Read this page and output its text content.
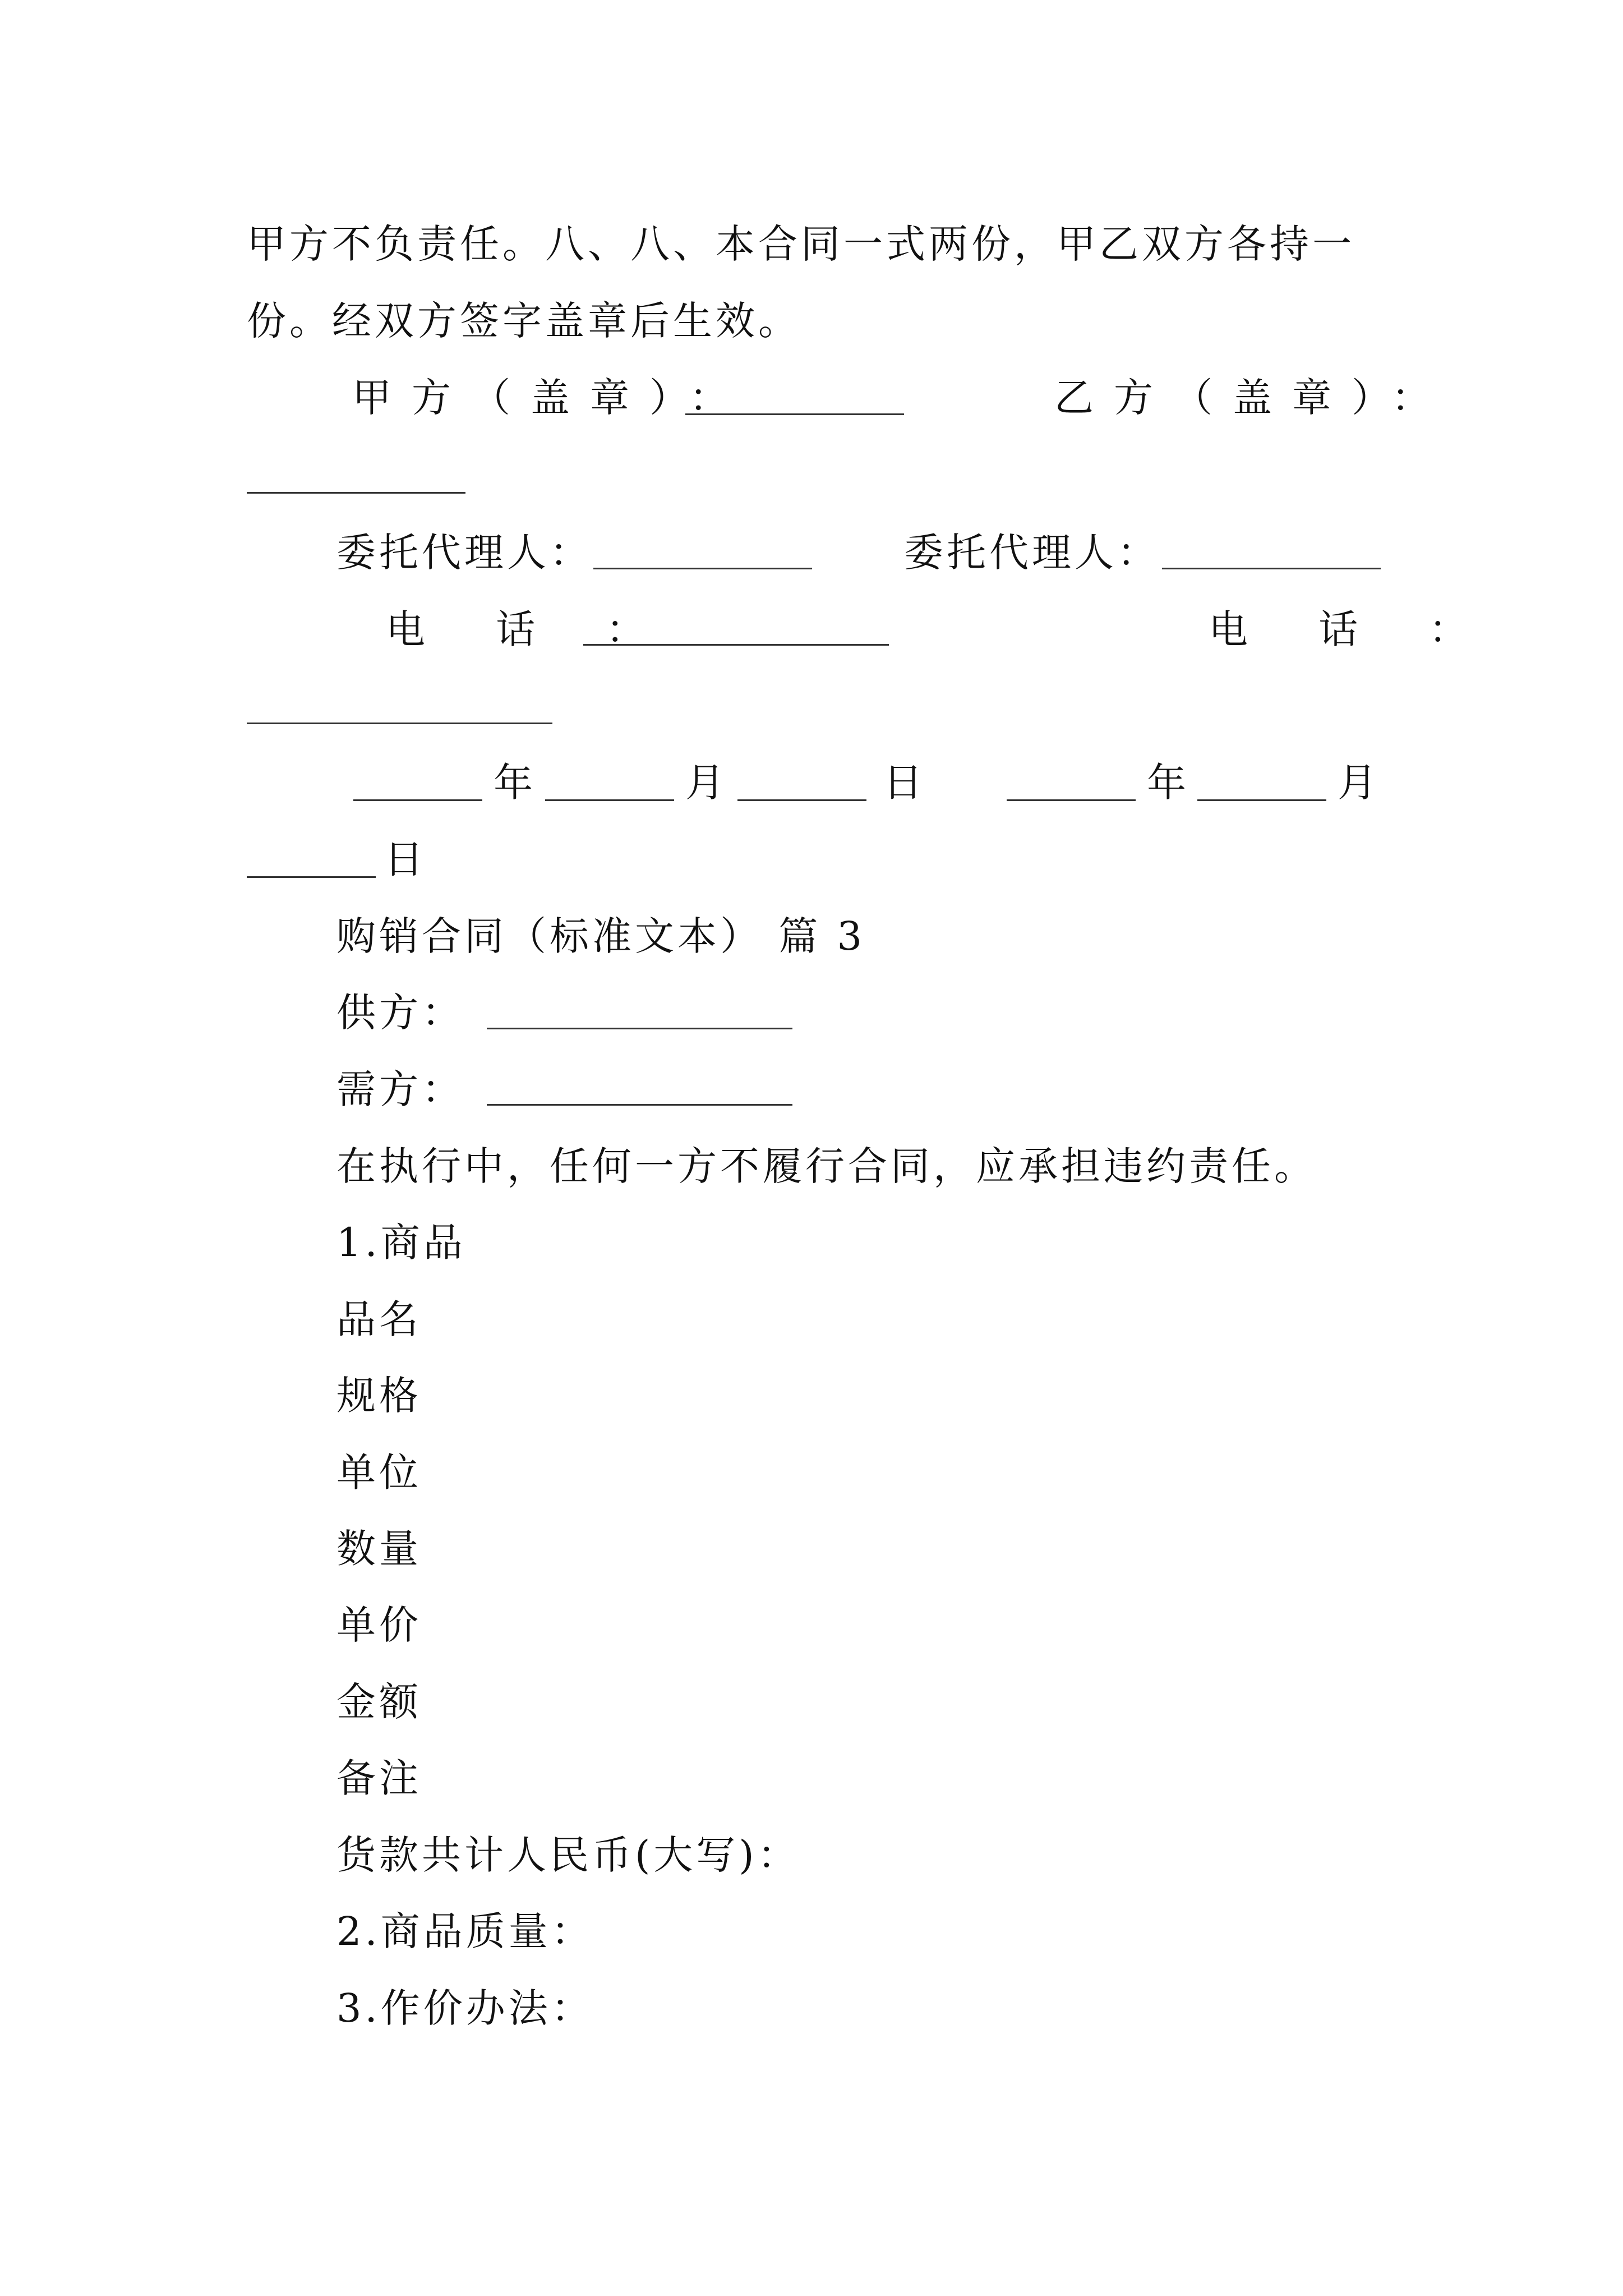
甲方不负责任。八、八、本合同一式两份，甲乙双方各持一
份。经双方签字盖章后生效。
甲方（盖章）：	乙方（盖章）：
委托代理人：	委托代理人：
电 话 ：	电 话 ：
年	月	日	年	月
日
购销合同（标准文本） 篇 3
供方：
需方：
在执行中，任何一方不履行合同，应承担违约责任。
1.商品
品名
规格
单位
数量
单价
金额
备注
货款共计人民币(大写)：
2.商品质量：
3.作价办法：
